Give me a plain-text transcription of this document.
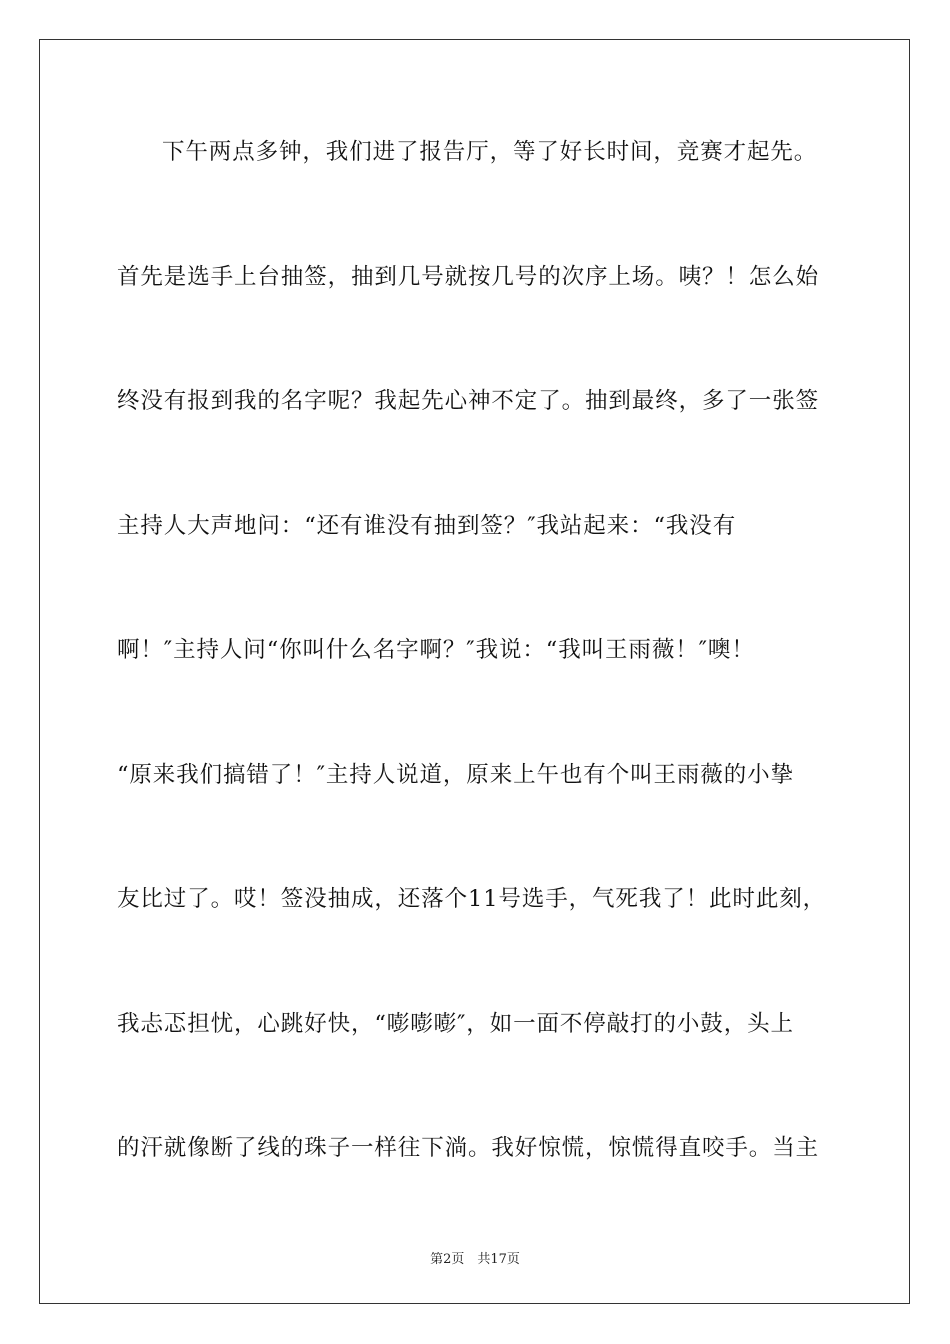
下午两点多钟，我们进了报告厅，等了好长时间，竞赛才起先。
首先是选手上台抽签，抽到几号就按几号的次序上场。咦？！怎么始
终没有报到我的名字呢？我起先心神不定了。抽到最终，多了一张签
主持人大声地问：“还有谁没有抽到签？″我站起来：“我没有
啊！″主持人问“你叫什么名字啊？″我说：“我叫王雨薇！″噢！
“原来我们搞错了！″主持人说道，原来上午也有个叫王雨薇的小挚
友比过了。哎！签没抽成，还落个11号选手，气死我了！此时此刻，
我忐忑担忧，心跳好快，“嘭嘭嘭″，如一面不停敲打的小鼓，头上
的汗就像断了线的珠子一样往下淌。我好惊慌，惊慌得直咬手。当主
第2页　共17页
